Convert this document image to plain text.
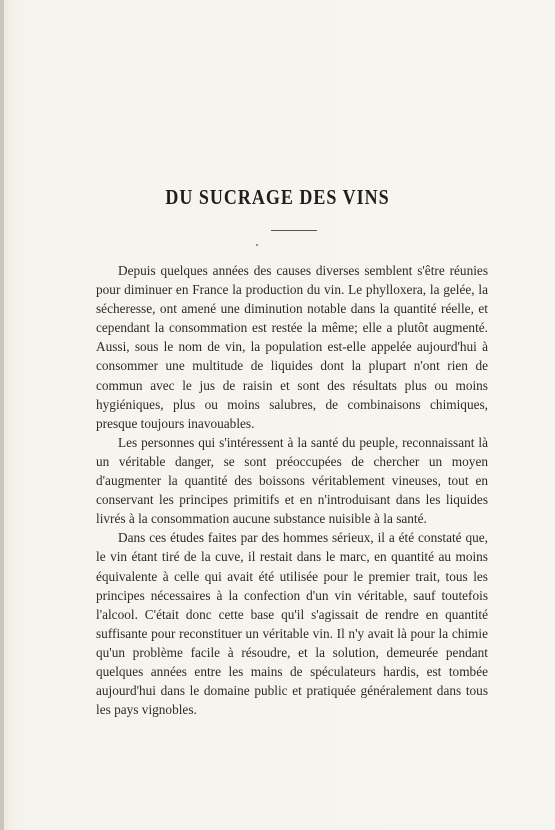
DU SUCRAGE DES VINS

Depuis quelques années des causes diverses semblent s'être réunies pour diminuer en France la production du vin. Le phylloxera, la gelée, la sécheresse, ont amené une diminution notable dans la quantité réelle, et cependant la consommation est restée la même; elle a plutôt augmenté. Aussi, sous le nom de vin, la population est-elle appelée aujourd'hui à consommer une multitude de liquides dont la plupart n'ont rien de commun avec le jus de raisin et sont des résultats plus ou moins hygiéniques, plus ou moins salubres, de combinaisons chimiques, presque toujours inavouables.

Les personnes qui s'intéressent à la santé du peuple, reconnaissant là un véritable danger, se sont préoccupées de chercher un moyen d'augmenter la quantité des boissons véritablement vineuses, tout en conservant les principes primitifs et en n'introduisant dans les liquides livrés à la consommation aucune substance nuisible à la santé.

Dans ces études faites par des hommes sérieux, il a été constaté que, le vin étant tiré de la cuve, il restait dans le marc, en quantité au moins équivalente à celle qui avait été utilisée pour le premier trait, tous les principes nécessaires à la confection d'un vin véritable, sauf toutefois l'alcool. C'était donc cette base qu'il s'agissait de rendre en quantité suffisante pour reconstituer un véritable vin. Il n'y avait là pour la chimie qu'un problème facile à résoudre, et la solution, demeurée pendant quelques années entre les mains de spéculateurs hardis, est tombée aujourd'hui dans le domaine public et pratiquée généralement dans tous les pays vignobles.
